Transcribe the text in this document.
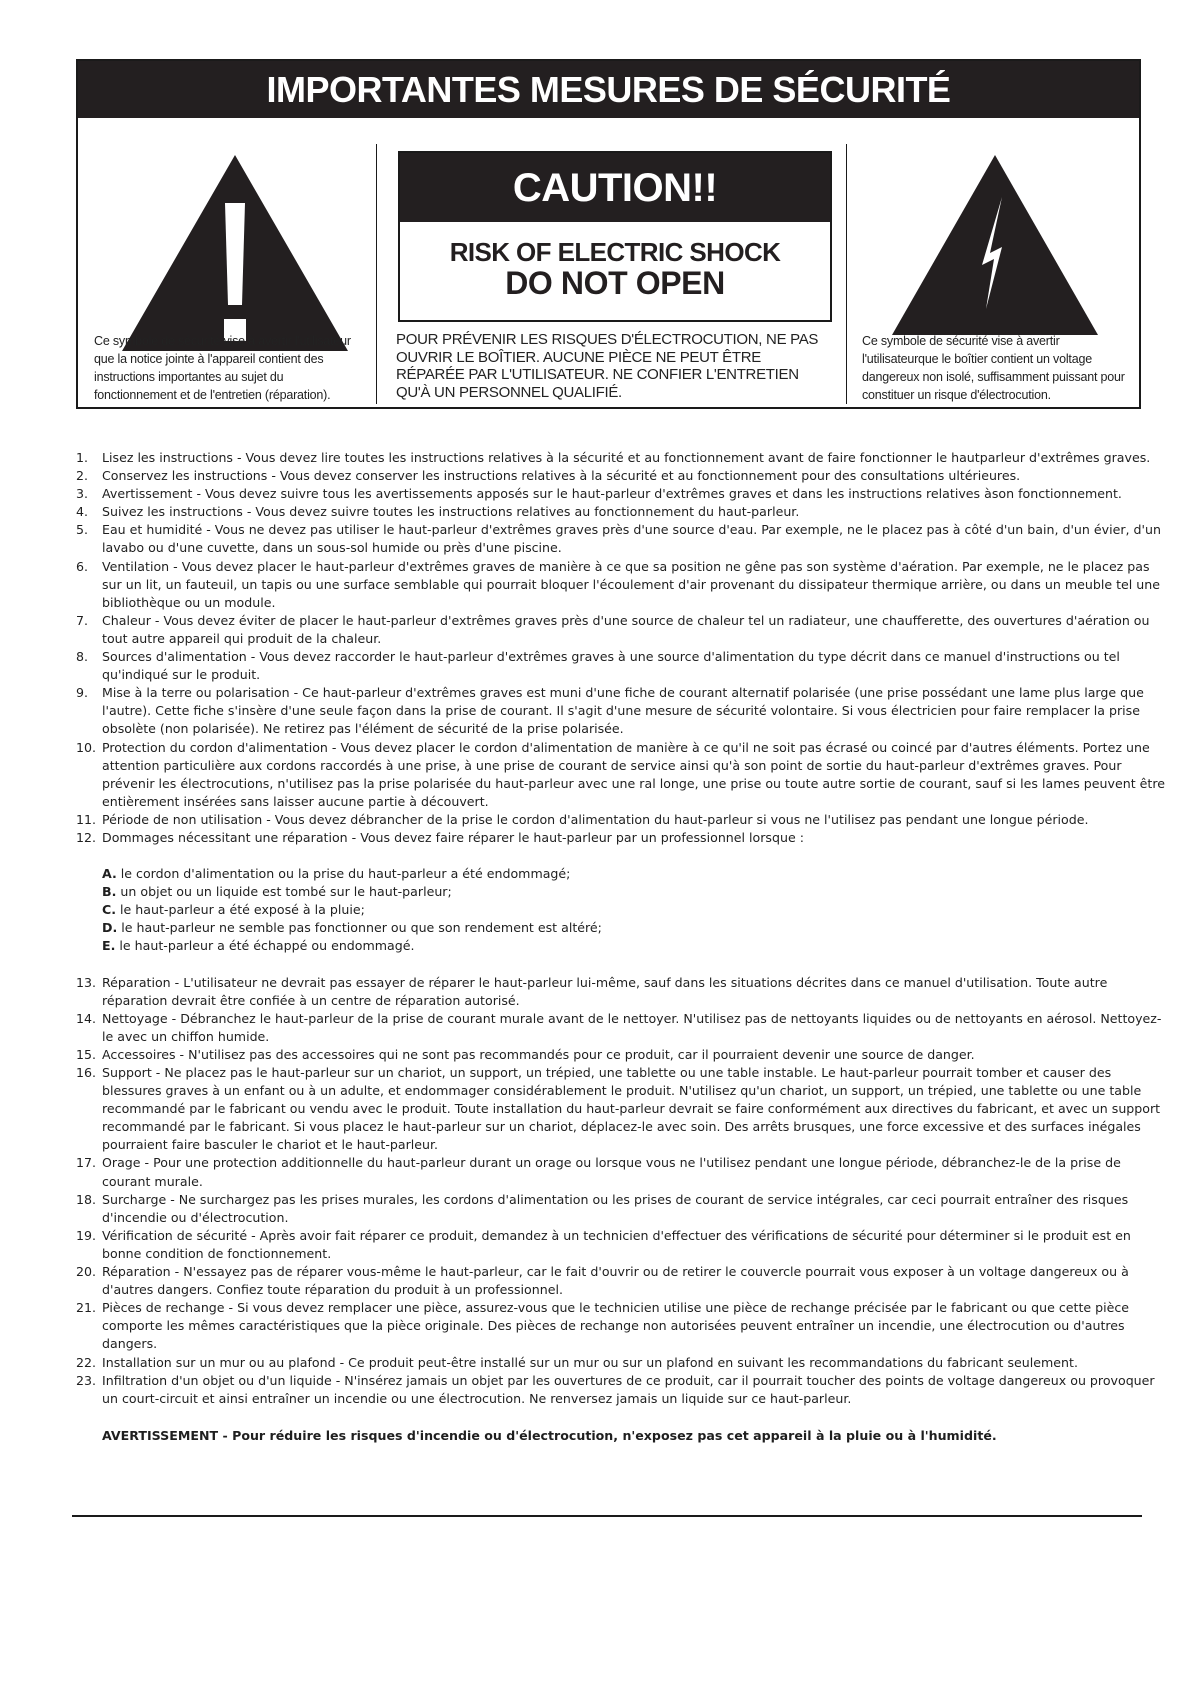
IMPORTANTES MESURES DE SÉCURITÉ
Ce symbole de sécurité vise à avertir l'utilisateur que la notice jointe à l'appareil contient des instructions importantes au sujet du fonctionnement et de l'entretien (réparation).
CAUTION!!
RISK OF ELECTRIC SHOCK
DO NOT OPEN
POUR PRÉVENIR LES RISQUES D'ÉLECTROCUTION, NE PAS OUVRIR LE BOÎTIER. AUCUNE PIÈCE NE PEUT ÊTRE RÉPARÉE PAR L'UTILISATEUR. NE CONFIER L'ENTRETIEN QU'À UN PERSONNEL QUALIFIÉ.
Ce symbole de sécurité vise à avertir l'utilisateurque le boîtier contient un voltage dangereux non isolé, suffisamment puissant pour constituer un risque d'électrocution.
1. Lisez les instructions - Vous devez lire toutes les instructions relatives à la sécurité et au fonctionnement avant de faire fonctionner le hautparleur d'extrêmes graves.
2. Conservez les instructions - Vous devez conserver les instructions relatives à la sécurité et au fonctionnement pour des consultations ultérieures.
3. Avertissement - Vous devez suivre tous les avertissements apposés sur le haut-parleur d'extrêmes graves et dans les instructions relatives àson fonctionnement.
4. Suivez les instructions - Vous devez suivre toutes les instructions relatives au fonctionnement du haut-parleur.
5. Eau et humidité - Vous ne devez pas utiliser le haut-parleur d'extrêmes graves près d'une source d'eau. Par exemple, ne le placez pas à côté d'un bain, d'un évier, d'un lavabo ou d'une cuvette, dans un sous-sol humide ou près d'une piscine.
6. Ventilation - Vous devez placer le haut-parleur d'extrêmes graves de manière à ce que sa position ne gêne pas son système d'aération. Par exemple, ne le placez pas sur un lit, un fauteuil, un tapis ou une surface semblable qui pourrait bloquer l'écoulement d'air provenant du dissipateur thermique arrière, ou dans un meuble tel une bibliothèque ou un module.
7. Chaleur - Vous devez éviter de placer le haut-parleur d'extrêmes graves près d'une source de chaleur tel un radiateur, une chaufferette, des ouvertures d'aération ou tout autre appareil qui produit de la chaleur.
8. Sources d'alimentation - Vous devez raccorder le haut-parleur d'extrêmes graves à une source d'alimentation du type décrit dans ce manuel d'instructions ou tel qu'indiqué sur le produit.
9. Mise à la terre ou polarisation - Ce haut-parleur d'extrêmes graves est muni d'une fiche de courant alternatif polarisée (une prise possédant une lame plus large que l'autre). Cette fiche s'insère d'une seule façon dans la prise de courant. Il s'agit d'une mesure de sécurité volontaire. Si vous électricien pour faire remplacer la prise obsolète (non polarisée). Ne retirez pas l'élément de sécurité de la prise polarisée.
10. Protection du cordon d'alimentation - Vous devez placer le cordon d'alimentation de manière à ce qu'il ne soit pas écrasé ou coincé par d'autres éléments. Portez une attention particulière aux cordons raccordés à une prise, à une prise de courant de service ainsi qu'à son point de sortie du haut-parleur d'extrêmes graves. Pour prévenir les électrocutions, n'utilisez pas la prise polarisée du haut-parleur avec une ral longe, une prise ou toute autre sortie de courant, sauf si les lames peuvent être entièrement insérées sans laisser aucune partie à découvert.
11. Période de non utilisation - Vous devez débrancher de la prise le cordon d'alimentation du haut-parleur si vous ne l'utilisez pas pendant une longue période.
12. Dommages nécessitant une réparation - Vous devez faire réparer le haut-parleur par un professionnel lorsque :
A. le cordon d'alimentation ou la prise du haut-parleur a été endommagé;
B. un objet ou un liquide est tombé sur le haut-parleur;
C. le haut-parleur a été exposé à la pluie;
D. le haut-parleur ne semble pas fonctionner ou que son rendement est altéré;
E. le haut-parleur a été échappé ou endommagé.
13. Réparation - L'utilisateur ne devrait pas essayer de réparer le haut-parleur lui-même, sauf dans les situations décrites dans ce manuel d'utilisation. Toute autre réparation devrait être confiée à un centre de réparation autorisé.
14. Nettoyage - Débranchez le haut-parleur de la prise de courant murale avant de le nettoyer. N'utilisez pas de nettoyants liquides ou de nettoyants en aérosol. Nettoyez-le avec un chiffon humide.
15. Accessoires - N'utilisez pas des accessoires qui ne sont pas recommandés pour ce produit, car il pourraient devenir une source de danger.
16. Support - Ne placez pas le haut-parleur sur un chariot, un support, un trépied, une tablette ou une table instable. Le haut-parleur pourrait tomber et causer des blessures graves à un enfant ou à un adulte, et endommager considérablement le produit. N'utilisez qu'un chariot, un support, un trépied, une tablette ou une table recommandé par le fabricant ou vendu avec le produit. Toute installation du haut-parleur devrait se faire conformément aux directives du fabricant, et avec un support recommandé par le fabricant. Si vous placez le haut-parleur sur un chariot, déplacez-le avec soin. Des arrêts brusques, une force excessive et des surfaces inégales pourraient faire basculer le chariot et le haut-parleur.
17. Orage - Pour une protection additionnelle du haut-parleur durant un orage ou lorsque vous ne l'utilisez pendant une longue période, débranchez-le de la prise de courant murale.
18. Surcharge - Ne surchargez pas les prises murales, les cordons d'alimentation ou les prises de courant de service intégrales, car ceci pourrait entraîner des risques d'incendie ou d'électrocution.
19. Vérification de sécurité - Après avoir fait réparer ce produit, demandez à un technicien d'effectuer des vérifications de sécurité pour déterminer si le produit est en bonne condition de fonctionnement.
20. Réparation - N'essayez pas de réparer vous-même le haut-parleur, car le fait d'ouvrir ou de retirer le couvercle pourrait vous exposer à un voltage dangereux ou à d'autres dangers. Confiez toute réparation du produit à un professionnel.
21. Pièces de rechange - Si vous devez remplacer une pièce, assurez-vous que le technicien utilise une pièce de rechange précisée par le fabricant ou que cette pièce comporte les mêmes caractéristiques que la pièce originale. Des pièces de rechange non autorisées peuvent entraîner un incendie, une électrocution ou d'autres dangers.
22. Installation sur un mur ou au plafond - Ce produit peut-être installé sur un mur ou sur un plafond en suivant les recommandations du fabricant seulement.
23. Infiltration d'un objet ou d'un liquide - N'insérez jamais un objet par les ouvertures de ce produit, car il pourrait toucher des points de voltage dangereux ou provoquer un court-circuit et ainsi entraîner un incendie ou une électrocution. Ne renversez jamais un liquide sur ce haut-parleur.
AVERTISSEMENT - Pour réduire les risques d'incendie ou d'électrocution, n'exposez pas cet appareil à la pluie ou à l'humidité.
